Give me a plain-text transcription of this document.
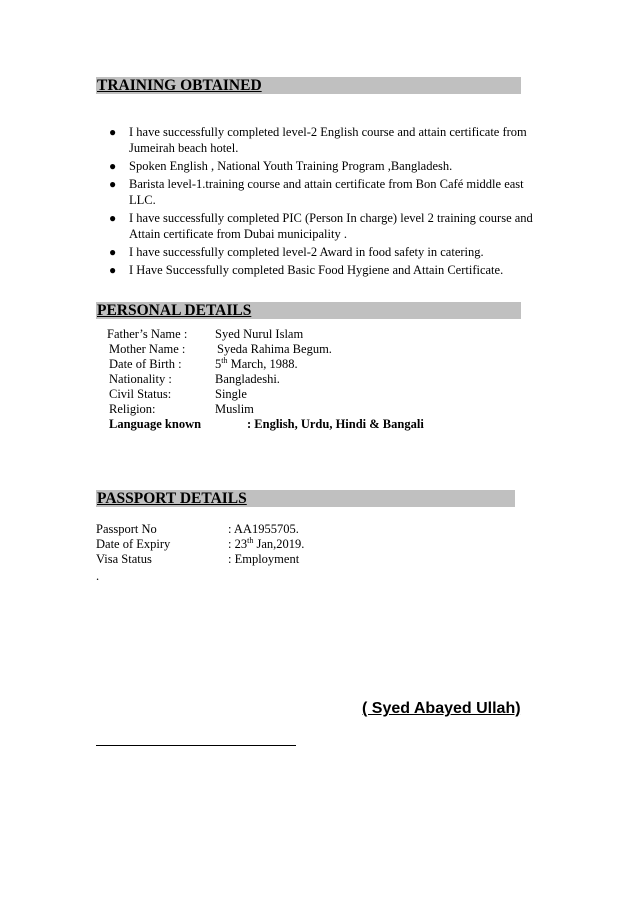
TRAINING OBTAINED
● I have successfully completed level-2 English course and attain certificate from Jumeirah beach hotel.
● Spoken English , National Youth Training Program ,Bangladesh.
● Barista level-1.training course and attain certificate from Bon Café middle east LLC.
● I have successfully completed PIC (Person In charge) level 2 training course and Attain certificate from Dubai municipality .
● I have successfully completed level-2 Award in food safety in catering.
● I Have Successfully completed Basic Food Hygiene and Attain Certificate.
PERSONAL DETAILS
Father’s Name : Syed Nurul Islam
Mother Name :	Syeda Rahima Begum.
Date of Birth :	5th March, 1988.
Nationality :	Bangladeshi.
Civil Status:	Single
Religion:	Muslim
Language known	: English, Urdu, Hindi & Bangali
PASSPORT DETAILS
Passport No	: AA1955705.
Date of Expiry	: 23th Jan,2019.
Visa Status	: Employment
.
( Syed Abayed Ullah)
